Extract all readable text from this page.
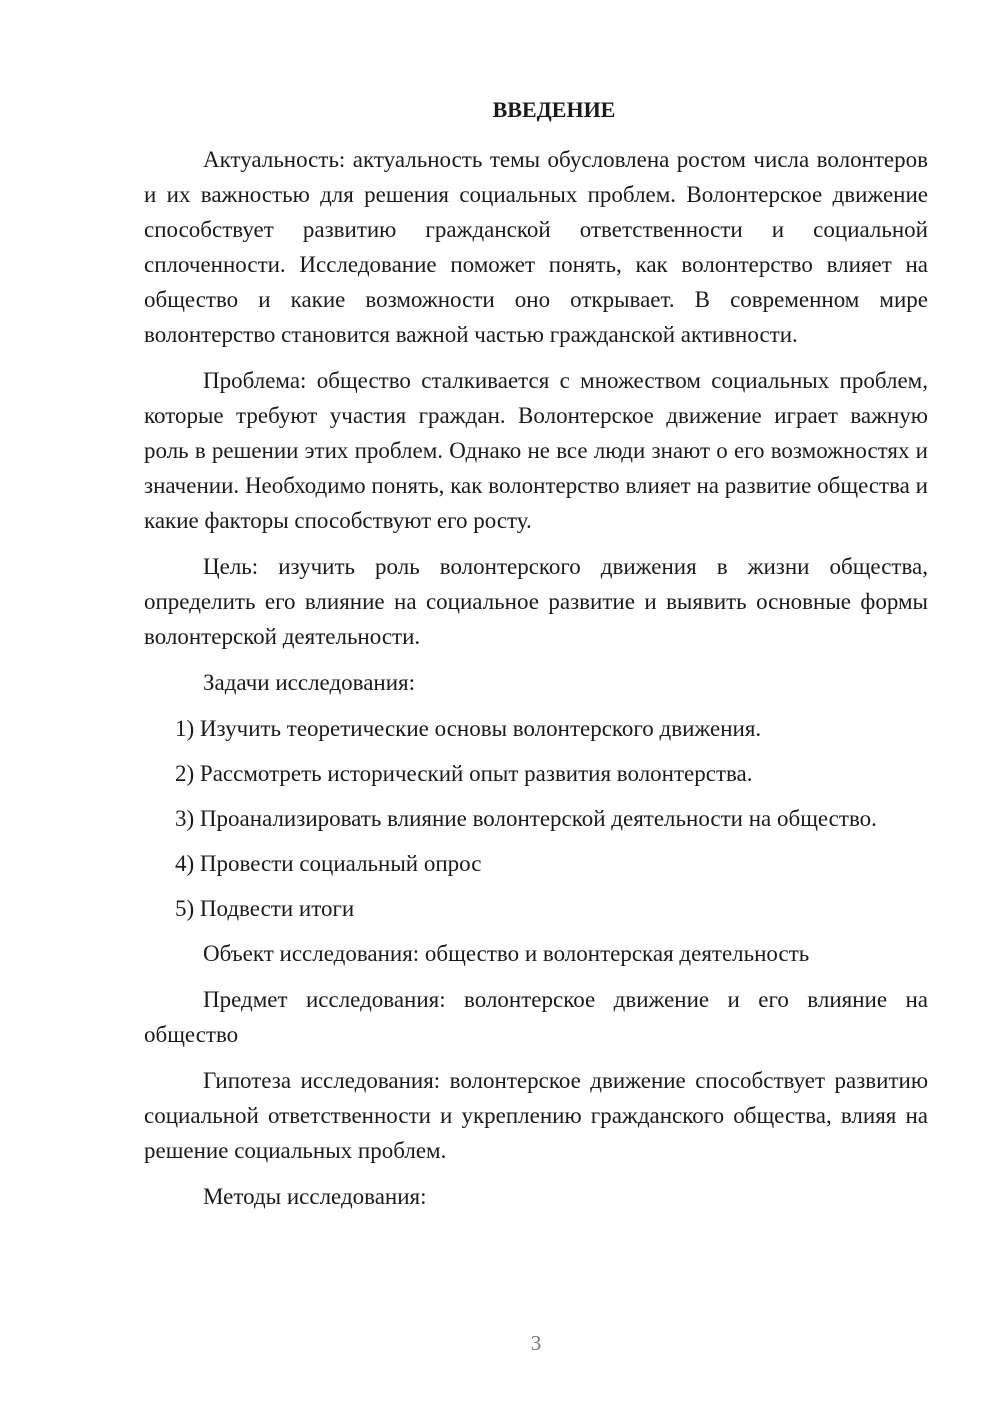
ВВЕДЕНИЕ

Актуальность: актуальность темы обусловлена ростом числа волонтеров и их важностью для решения социальных проблем. Волонтерское движение способствует развитию гражданской ответственности и социальной сплоченности. Исследование поможет понять, как волонтерство влияет на общество и какие возможности оно открывает. В современном мире волонтерство становится важной частью гражданской активности.

Проблема: общество сталкивается с множеством социальных проблем, которые требуют участия граждан. Волонтерское движение играет важную роль в решении этих проблем. Однако не все люди знают о его возможностях и значении. Необходимо понять, как волонтерство влияет на развитие общества и какие факторы способствуют его росту.

Цель: изучить роль волонтерского движения в жизни общества, определить его влияние на социальное развитие и выявить основные формы волонтерской деятельности.

Задачи исследования:

1) Изучить теоретические основы волонтерского движения.

2) Рассмотреть исторический опыт развития волонтерства.

3) Проанализировать влияние волонтерской деятельности на общество.

4) Провести социальный опрос

5) Подвести итоги

Объект исследования: общество и волонтерская деятельность

Предмет исследования: волонтерское движение и его влияние на общество

Гипотеза исследования: волонтерское движение способствует развитию социальной ответственности и укреплению гражданского общества, влияя на решение социальных проблем.

Методы исследования:

3
